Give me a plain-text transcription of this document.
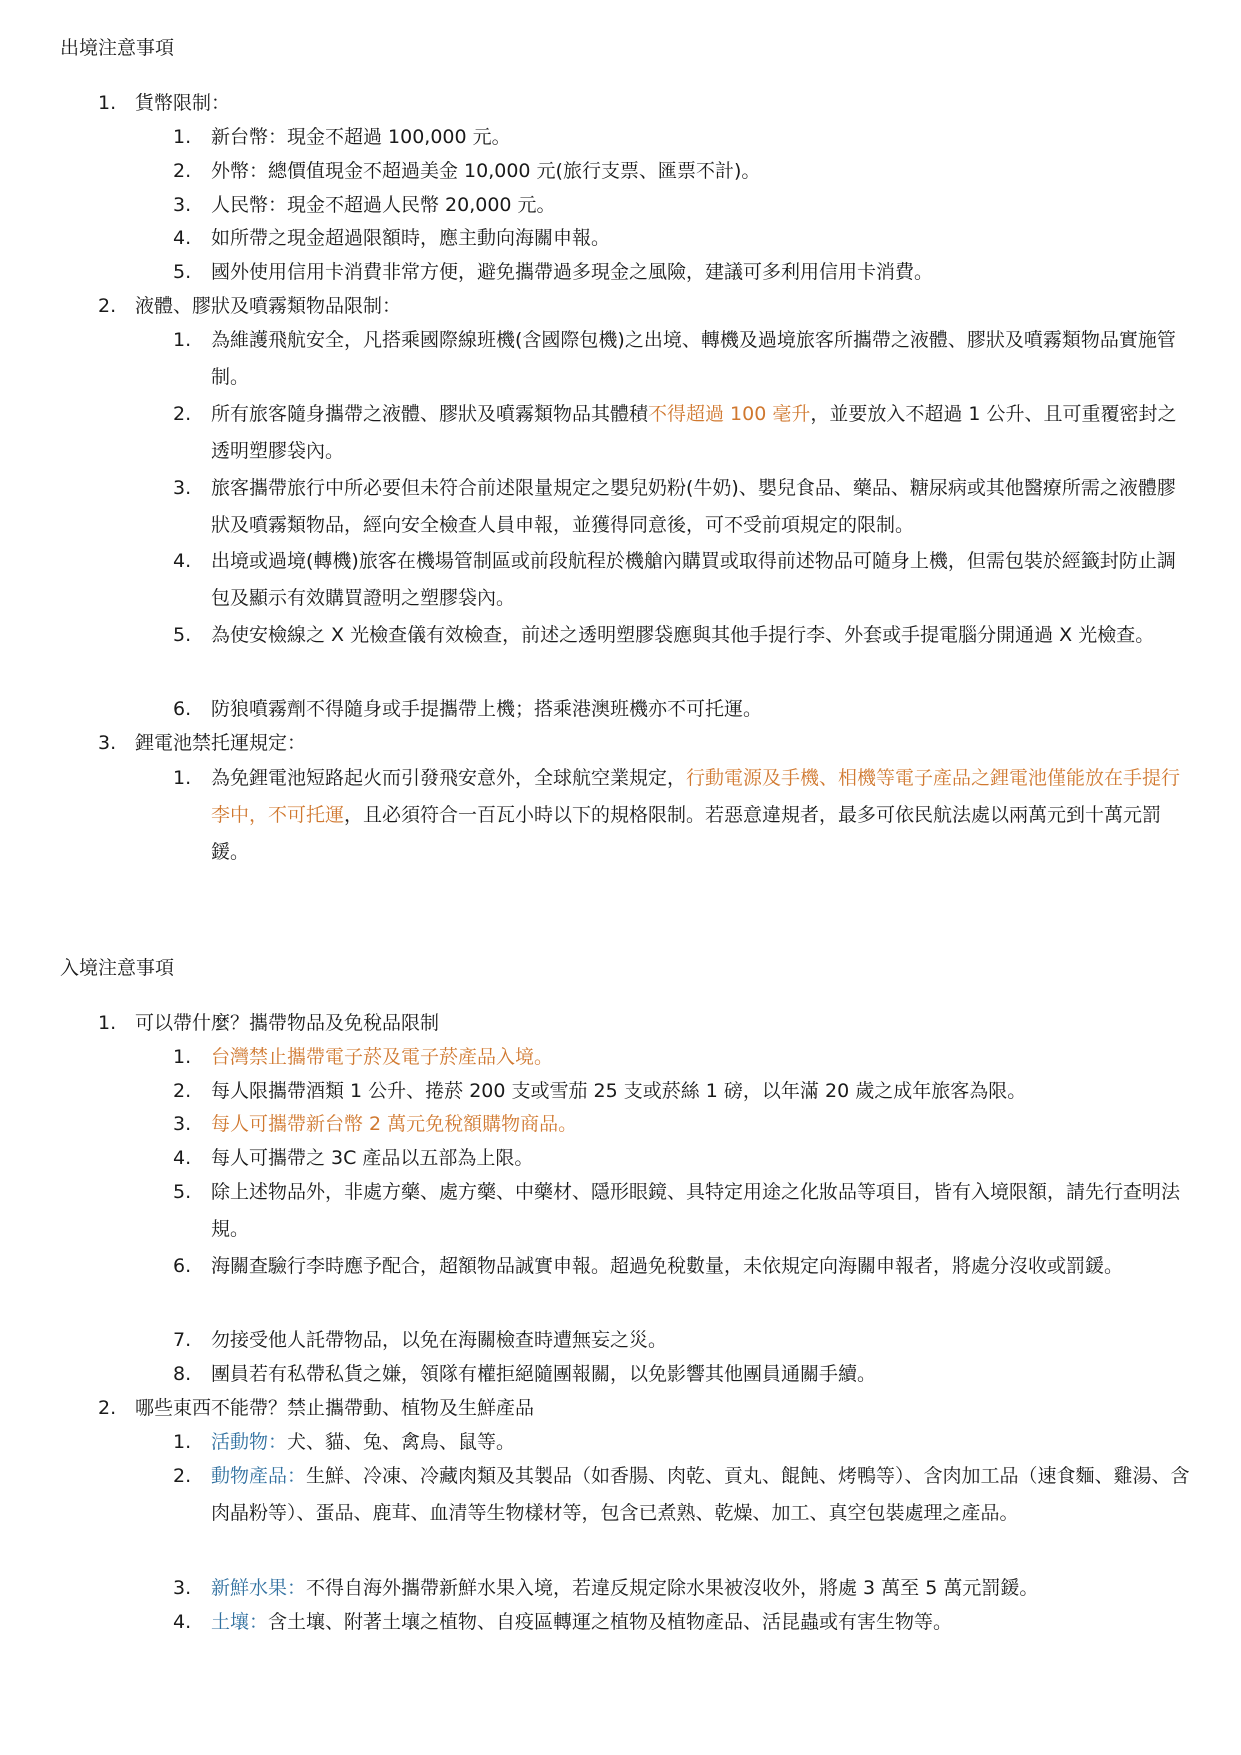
出境注意事項
1. 貨幣限制：
1. 新台幣：現金不超過 100,000 元。
2. 外幣：總價值現金不超過美金 10,000 元(旅行支票、匯票不計)。
3. 人民幣：現金不超過人民幣 20,000 元。
4. 如所帶之現金超過限額時，應主動向海關申報。
5. 國外使用信用卡消費非常方便，避免攜帶過多現金之風險，建議可多利用信用卡消費。
2. 液體、膠狀及噴霧類物品限制：
1. 為維護飛航安全，凡搭乘國際線班機(含國際包機)之出境、轉機及過境旅客所攜帶之液體、膠狀及噴霧類物品實施管制。
2. 所有旅客隨身攜帶之液體、膠狀及噴霧類物品其體積不得超過 100 毫升，並要放入不超過 1 公升、且可重覆密封之透明塑膠袋內。
3. 旅客攜帶旅行中所必要但未符合前述限量規定之嬰兒奶粉(牛奶)、嬰兒食品、藥品、糖尿病或其他醫療所需之液體膠狀及噴霧類物品，經向安全檢查人員申報，並獲得同意後，可不受前項規定的限制。
4. 出境或過境(轉機)旅客在機場管制區或前段航程於機艙內購買或取得前述物品可隨身上機，但需包裝於經籤封防止調包及顯示有效購買證明之塑膠袋內。
5. 為使安檢線之 X 光檢查儀有效檢查，前述之透明塑膠袋應與其他手提行李、外套或手提電腦分開通過 X 光檢查。
6. 防狼噴霧劑不得隨身或手提攜帶上機；搭乘港澳班機亦不可托運。
3. 鋰電池禁托運規定：
1. 為免鋰電池短路起火而引發飛安意外，全球航空業規定，行動電源及手機、相機等電子產品之鋰電池僅能放在手提行李中，不可托運，且必須符合一百瓦小時以下的規格限制。若惡意違規者，最多可依民航法處以兩萬元到十萬元罰鍰。
入境注意事項
1. 可以帶什麼？攜帶物品及免稅品限制
1. 台灣禁止攜帶電子菸及電子菸產品入境。
2. 每人限攜帶酒類 1 公升、捲菸 200 支或雪茄 25 支或菸絲 1 磅，以年滿 20 歲之成年旅客為限。
3. 每人可攜帶新台幣 2 萬元免稅額購物商品。
4. 每人可攜帶之 3C 產品以五部為上限。
5. 除上述物品外，非處方藥、處方藥、中藥材、隱形眼鏡、具特定用途之化妝品等項目，皆有入境限額，請先行查明法規。
6. 海關查驗行李時應予配合，超額物品誠實申報。超過免稅數量，未依規定向海關申報者，將處分沒收或罰鍰。
7. 勿接受他人託帶物品，以免在海關檢查時遭無妄之災。
8. 團員若有私帶私貨之嫌，領隊有權拒絕隨團報關，以免影響其他團員通關手續。
2. 哪些東西不能帶？禁止攜帶動、植物及生鮮產品
1. 活動物：犬、貓、兔、禽鳥、鼠等。
2. 動物產品：生鮮、冷凍、冷藏肉類及其製品（如香腸、肉乾、貢丸、餛飩、烤鴨等）、含肉加工品（速食麵、雞湯、含肉晶粉等）、蛋品、鹿茸、血清等生物樣材等，包含已煮熟、乾燥、加工、真空包裝處理之產品。
3. 新鮮水果：不得自海外攜帶新鮮水果入境，若違反規定除水果被沒收外，將處 3 萬至 5 萬元罰鍰。
4. 土壤：含土壤、附著土壤之植物、自疫區轉運之植物及植物產品、活昆蟲或有害生物等。
